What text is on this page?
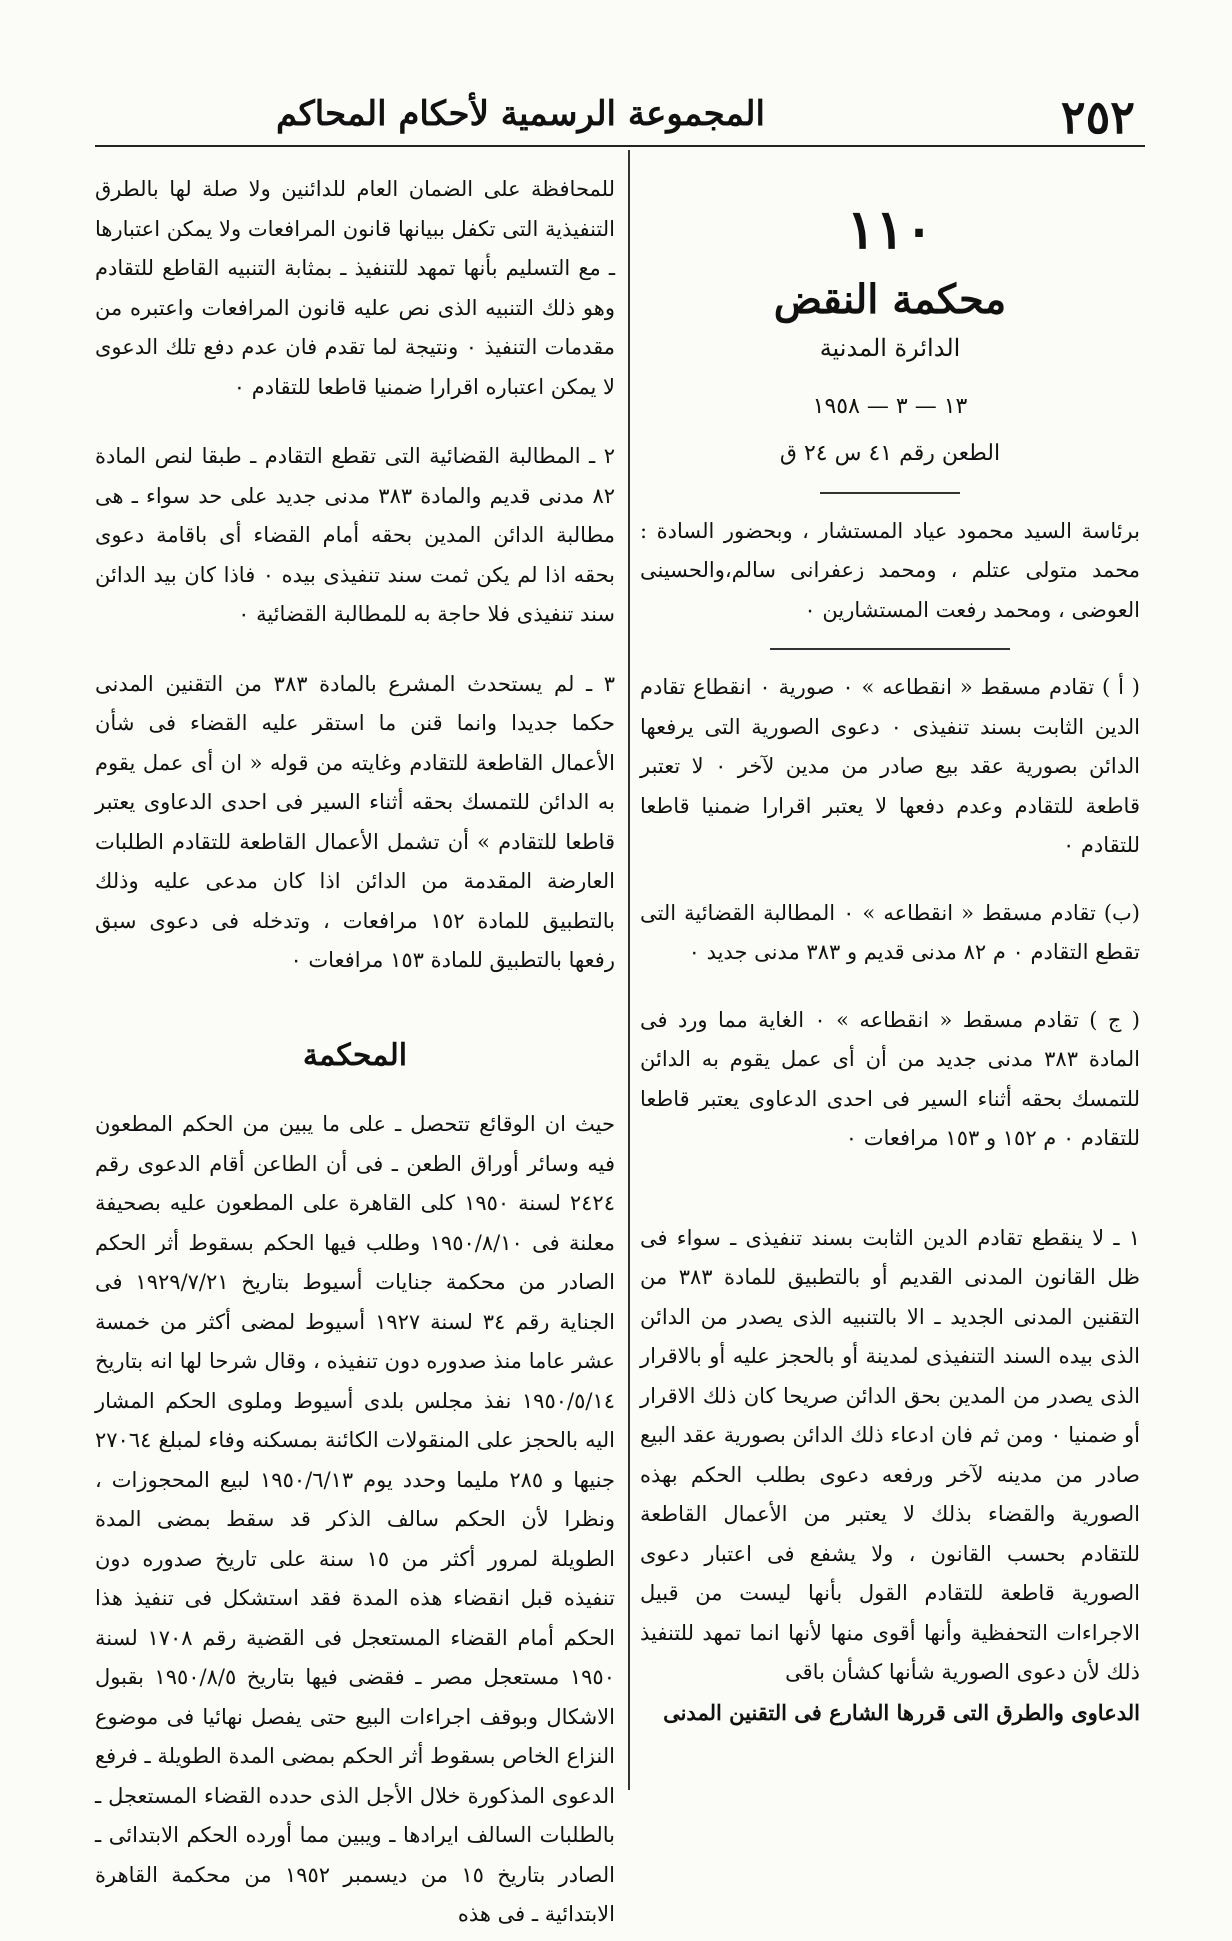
٢٥٢
المجموعة الرسمية لأحكام المحاكم
١١٠
محكمة النقض
الدائرة المدنية
١٣ — ٣ — ١٩٥٨
الطعن رقم ٤١ س ٢٤ ق

برئاسة السيد محمود عياد المستشار ، وبحضور السادة : محمد متولى عتلم ، ومحمد زعفرانى سالم،والحسينى العوضى ، ومحمد رفعت المستشارين ٠

( أ ) تقادم مسقط « انقطاعه » ٠ صورية ٠ انقطاع تقادم الدين الثابت بسند تنفيذى ٠ دعوى الصورية التى يرفعها الدائن بصورية عقد بيع صادر من مدين لآخر ٠ لا تعتبر قاطعة للتقادم وعدم دفعها لا يعتبر اقرارا ضمنيا قاطعا للتقادم ٠

(ب) تقادم مسقط « انقطاعه » ٠ المطالبة القضائية التى تقطع التقادم ٠ م ٨٢ مدنى قديم و ٣٨٣ مدنى جديد ٠

( ج ) تقادم مسقط « انقطاعه » ٠ الغاية مما ورد فى المادة ٣٨٣ مدنى جديد من أن أى عمل يقوم به الدائن للتمسك بحقه أثناء السير فى احدى الدعاوى يعتبر قاطعا للتقادم ٠ م ١٥٢ و ١٥٣ مرافعات ٠

١ ـ لا ينقطع تقادم الدين الثابت بسند تنفيذى ـ سواء فى ظل القانون المدنى القديم أو بالتطبيق للمادة ٣٨٣ من التقنين المدنى الجديد ـ الا بالتنبيه الذى يصدر من الدائن الذى بيده السند التنفيذى لمدينة أو بالحجز عليه أو بالاقرار الذى يصدر من المدين بحق الدائن صريحا كان ذلك الاقرار أو ضمنيا ٠ ومن ثم فان ادعاء ذلك الدائن بصورية عقد البيع صادر من مدينه لآخر ورفعه دعوى بطلب الحكم بهذه الصورية والقضاء بذلك لا يعتبر من الأعمال القاطعة للتقادم بحسب القانون ، ولا يشفع فى اعتبار دعوى الصورية قاطعة للتقادم القول بأنها ليست من قبيل الاجراءات التحفظية وأنها أقوى منها لأنها انما تمهد للتنفيذ ذلك لأن دعوى الصورية شأنها كشأن باقى

الدعاوى والطرق التى قررها الشارع فى التقنين المدنى

للمحافظة على الضمان العام للدائنين ولا صلة لها بالطرق التنفيذية التى تكفل ببيانها قانون المرافعات ولا يمكن اعتبارها ـ مع التسليم بأنها تمهد للتنفيذ ـ بمثابة التنبيه القاطع للتقادم وهو ذلك التنبيه الذى نص عليه قانون المرافعات واعتبره من مقدمات التنفيذ ٠ ونتيجة لما تقدم فان عدم دفع تلك الدعوى لا يمكن اعتباره اقرارا ضمنيا قاطعا للتقادم ٠

٢ ـ المطالبة القضائية التى تقطع التقادم ـ طبقا لنص المادة ٨٢ مدنى قديم والمادة ٣٨٣ مدنى جديد على حد سواء ـ هى مطالبة الدائن المدين بحقه أمام القضاء أى باقامة دعوى بحقه اذا لم يكن ثمت سند تنفيذى بيده ٠ فاذا كان بيد الدائن سند تنفيذى فلا حاجة به للمطالبة القضائية ٠

٣ ـ لم يستحدث المشرع بالمادة ٣٨٣ من التقنين المدنى حكما جديدا وانما قنن ما استقر عليه القضاء فى شأن الأعمال القاطعة للتقادم وغايته من قوله « ان أى عمل يقوم به الدائن للتمسك بحقه أثناء السير فى احدى الدعاوى يعتبر قاطعا للتقادم » أن تشمل الأعمال القاطعة للتقادم الطلبات العارضة المقدمة من الدائن اذا كان مدعى عليه وذلك بالتطبيق للمادة ١٥٢ مرافعات ، وتدخله فى دعوى سبق رفعها بالتطبيق للمادة ١٥٣ مرافعات ٠

المحكمة

حيث ان الوقائع تتحصل ـ على ما يبين من الحكم المطعون فيه وسائر أوراق الطعن ـ فى أن الطاعن أقام الدعوى رقم ٢٤٢٤ لسنة ١٩٥٠ كلى القاهرة على المطعون عليه بصحيفة معلنة فى ١٩٥٠/٨/١٠ وطلب فيها الحكم بسقوط أثر الحكم الصادر من محكمة جنايات أسيوط بتاريخ ١٩٢٩/٧/٢١ فى الجناية رقم ٣٤ لسنة ١٩٢٧ أسيوط لمضى أكثر من خمسة عشر عاما منذ صدوره دون تنفيذه ، وقال شرحا لها انه بتاريخ ١٩٥٠/٥/١٤ نفذ مجلس بلدى أسيوط وملوى الحكم المشار اليه بالحجز على المنقولات الكائنة بمسكنه وفاء لمبلغ ٢٧٠٦٤ جنيها و ٢٨٥ مليما وحدد يوم ١٩٥٠/٦/١٣ لبيع المحجوزات ، ونظرا لأن الحكم سالف الذكر قد سقط بمضى المدة الطويلة لمرور أكثر من ١٥ سنة على تاريخ صدوره دون تنفيذه قبل انقضاء هذه المدة فقد استشكل فى تنفيذ هذا الحكم أمام القضاء المستعجل فى القضية رقم ١٧٠٨ لسنة ١٩٥٠ مستعجل مصر ـ فقضى فيها بتاريخ ١٩٥٠/٨/٥ بقبول الاشكال وبوقف اجراءات البيع حتى يفصل نهائيا فى موضوع النزاع الخاص بسقوط أثر الحكم بمضى المدة الطويلة ـ فرفع الدعوى المذكورة خلال الأجل الذى حدده القضاء المستعجل ـ بالطلبات السالف ايرادها ـ ويبين مما أورده الحكم الابتدائى ـ الصادر بتاريخ ١٥ من ديسمبر ١٩٥٢ من محكمة القاهرة الابتدائية ـ فى هذه
